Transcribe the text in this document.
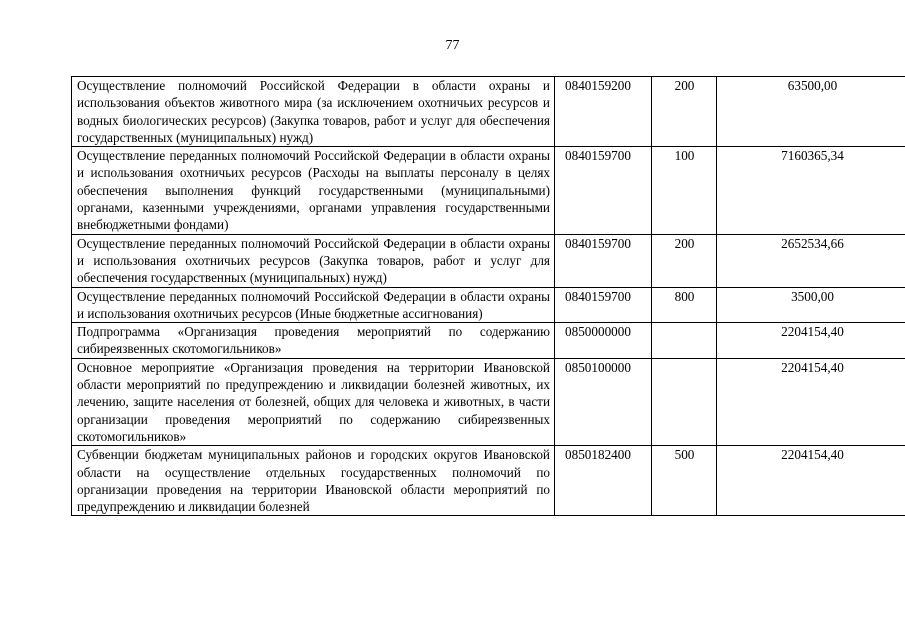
77
Осуществление полномочий Российской Федерации в области охраны и использования объектов животного мира (за исключением охотничьих ресурсов и водных биологических ресурсов) (Закупка товаров, работ и услуг для обеспечения государственных (муниципальных) нужд)	0840159200	200	63500,00
Осуществление переданных полномочий Российской Федерации в области охраны и использования охотничьих ресурсов (Расходы на выплаты персоналу в целях обеспечения выполнения функций государственными (муниципальными) органами, казенными учреждениями, органами управления государственными внебюджетными фондами)	0840159700	100	7160365,34
Осуществление переданных полномочий Российской Федерации в области охраны и использования охотничьих ресурсов (Закупка товаров, работ и услуг для обеспечения государственных (муниципальных) нужд)	0840159700	200	2652534,66
Осуществление переданных полномочий Российской Федерации в области охраны и использования охотничьих ресурсов (Иные бюджетные ассигнования)	0840159700	800	3500,00
Подпрограмма «Организация проведения мероприятий по содержанию сибиреязвенных скотомогильников»	0850000000		2204154,40
Основное мероприятие «Организация проведения на территории Ивановской области мероприятий по предупреждению и ликвидации болезней животных, их лечению, защите населения от болезней, общих для человека и животных, в части организации проведения мероприятий по содержанию сибиреязвенных скотомогильников»	0850100000		2204154,40
Субвенции бюджетам муниципальных районов и городских округов Ивановской области на осуществление отдельных государственных полномочий по организации проведения на территории Ивановской области мероприятий по предупреждению и ликвидации болезней	0850182400	500	2204154,40
